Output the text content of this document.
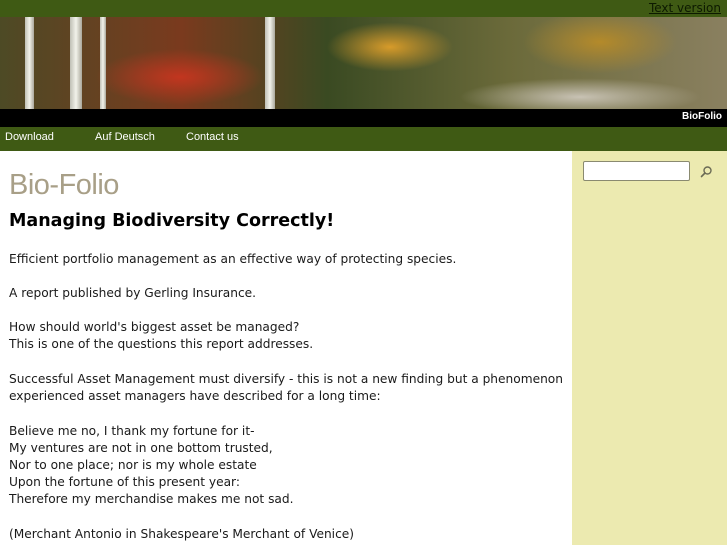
Text version
BioFolio
Download	Auf Deutsch	Contact us
Bio-Folio
Managing Biodiversity Correctly!
Efficient portfolio management as an effective way of protecting species.
A report published by Gerling Insurance.
How should world's biggest asset be managed?
This is one of the questions this report addresses.
Successful Asset Management must diversify - this is not a new finding but a phenomenon
experienced asset managers have described for a long time:
Believe me no, I thank my fortune for it-
My ventures are not in one bottom trusted,
Nor to one place; nor is my whole estate
Upon the fortune of this present year:
Therefore my merchandise makes me not sad.
(Merchant Antonio in Shakespeare's Merchant of Venice)
